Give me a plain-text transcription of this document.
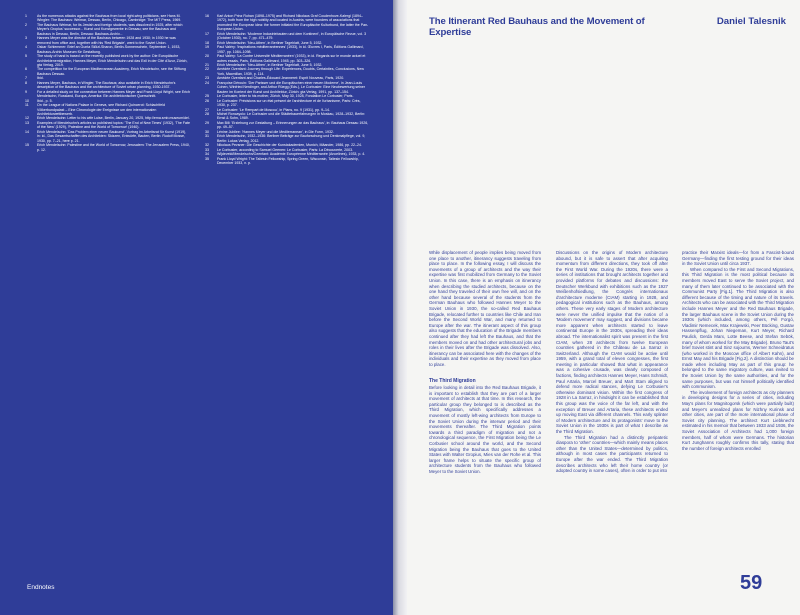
1	As the numerous attacks against the Bauhaus from local right-wing politicians, see Hans M. Wingler: The Bauhaus: Weimar, Dessau, Berlin, Chicago, Cambridge: The MIT Press, 1969.
2	The Bauhaus Weimar, for its Jewish and foreign students, was dissolved in 1925, after which Meyer's Gropius' successor... Kunst und Kunstgewerbe in Dessau; see the Bauhaus and Bauhaus in Dessau, Berlin, Dessau: Bauhaus-Archiv...
3	Hannes Meyer was the director of the Bauhaus between 1928 and 1930; in 1930 he was removed from office and, together with his 'Red Brigade', went to the Soviet Union.
4	Oskar Schlemmer: Brief an Gunta Stölzl-Sharon, Berlin-Sonnenschein, September 1, 1933, Bauhaus-Archiv Museum für Gestaltung.
5	The study of hand is based on the recently published work by the author: Die Europäische Architektenemigration, Hannes Meyer, Erich Mendelsohn und das Exil in der Cité d'Azur, Zürich, gta Verlag, 2019.
6	The competition for the European Mediterranean Academy, Erich Mendelsohn, see the Stiftung Bauhaus Dessau.
7	Ibid.
8	Hannes Meyer, Bauhaus, in Wingler, The Bauhaus; also available in Erich Mendelsohn's description of the Bauhaus and the architecture of Soviet urban planning, 1930-1937.
9	For a detailed study on the connection between Hannes Meyer and Frank Lloyd Wright, see Erich Mendelsohn, Russland, Europa, Amerika: Ein architektonischer Querschnitt.
10	Ibid., p. 5.
11	On the League of Nations Palace in Geneva, see Richard Quincerot: Schlachtfeld Völkerbundpalast – Eine Chronologie der Ereignisse um den internationalen Architekturwettbewerb.
12	Erich Mendelsohn: Letter to his wife Luise, Berlin, January 20, 1925, http://ema.smb.museum/de/.
13	Examples of Mendelsohn's articles so published topics: 'The End of New Times' (1932), 'The Fate of the New' (1929), 'Palestine and the World of Tomorrow' (1940).
14	Erich Mendelsohn: 'Das Problem einer neuen Baukunst', Vortrag im Arbeitsrat für Kunst (1919), in: id., Das Gesamtschaffen des Architekten: Skizzen, Entwürfe, Bauten, Berlin: Rudolf Mosse, 1930, pp. 7–21, here p. 21.
15	Erich Mendelsohn: Palestine and the World of Tomorrow, Jerusalem: The Jerusalem Press, 1940, p. 12.
16	Karl Anton Prinz Rohan (1898–1975) and Richard Nikolaus Graf Coudenhove-Kalergi (1894–1972), both from the high nobility and located in Austria, were founders of associations that promoted the European idea: the former initiated the Europäische Kulturbund, the latter the Pan-European Union.
17	Erich Mendelsohn: 'Moderne Industriebauten und dem Kontinent', in Europäische Revue, vol. 3 (October 1930), no. 7, pp. 471–479.
18	Erich Mendelsohn: 'Neu-Athen', in Berliner Tageblatt, June 5, 1932.
19	Paul Valéry: 'Inspirations méditerranéennes' (1933), in id. Œuvres I, Paris, Éditions Gallimard, 1957, pp. 1084–1098.
20	Paul Valéry: 'La Contre Université Méditerranéen' (1933), in id. Regards sur le monde actuel et autres essais, Paris, Éditions Gallimard, 1945, pp. 303–326.
21	Erich Mendelsohn: 'Neu-Athen', in Berliner Tageblatt, June 5, 1932.
22	Amédée Ozenfant: Journey through Life: Experiences, Doubts, Certainties, Conclusions, New York, Macmillan, 1939, p. 114.
23	Amédée Ozenfant and Charles-Édouard Jeanneret: Esprit Nouveau, Paris, 1920.
24	Françoise Dérouin: 'Der Parisser und die Europäischen einer neuen Moderne', in Jean-Louis Cohen, Winfried Nerdinger, and Arthur Rüegg (Eds.), Le Corbusier: Eine Neubewertung seiner Bauten im Kontext der Kunst und Architektur, Zürich: gta Verlag, 1991, pp. 137–154.
25	Le Corbusier, letter to his mother, Zürich, May 30, 1928, Fondation Le Corbusier, Paris.
26	Le Corbusier: Précisions sur un état présent de l'architecture et de l'urbanisme, Paris: Crès, 1930, p. 237.
27	Le Corbusier: 'Le Rempart de Moscou', in Plans, no. 9 (1931), pp. 9–14.
28	Michel Roncayolo: Le Corbusier und die Städtebauerfahrungen in Moskau, 1928–1932, Berlin: Ernst & Sohn, 1989.
29	Max Bill: 'Erziehung zur Gestaltung – Erinnerungen an das Bauhaus', in: Bauhaus Dessau 1926, pp. 49–57.
30	Lénine Jubilee: 'Hannes Meyer und die Mediterranean', in Die Form, 1932.
31	Erich Mendelsohn, 1932–1936: Berliner Beiträge zur Bauforschung und Denkmalpflege, vol. 9, Berlin: Lukas Verlag, 2012.
32	Nikolaus Pevsner: Die Geschichte der Kunstakademien, Munich, Mäander, 1986, pp. 22–24.
33	Le Corbusier, according to Samuel Geenen: Le Corbusier, Paris: La Découverte, 2003.
34	Wijdeveld/Mendelsohn/Ozenfant: Académie Européenne Méditerranée (Ancelines), 1933, p. 4.
35	Frank Lloyd Wright: The Taliesin Fellowship, Spring Green, Wisconsin, Taliesin Fellowship, December 1933, n. p.
Endnotes
The Itinerant Red Bauhaus and the Movement of Expertise
Daniel Talesnik

While displacement of people implies being moved from one place to another, itinerancy suggests traveling from place to place. In the following essay, I will discuss the movements of a group of architects and the way their expertise was first mobilized from Germany to the Soviet Union. In this case, there is an emphasis on itinerancy when describing the studied architects, because on the one hand they traveled of their own free will, and on the other hand because several of the students from the German Bauhaus who followed Hannes Meyer to the Soviet Union in 1930, the so-called Red Bauhaus Brigade, relocated further to countries like Chile and Iran before the Second World War, and many returned to Europe after the war. The itinerant aspect of this group also suggests that the education of the Brigade members continued after they had left the Bauhaus, and that the members moved on and had other architectural jobs and roles in their lives after the Brigade was dissolved. Also, itinerancy can be associated here with the changes of the individuals and their expertise as they moved from place to place.

The Third Migration

Before looking in detail into the Red Bauhaus Brigade, it is important to establish that they are part of a larger movement of architects at that time. In this research, the particular group they belonged to is described as the Third Migration, which specifically addresses a movement of mostly left-wing architects from Europe to the Soviet Union during the interwar period and their movements thereafter. The Third Migration points towards a third paradigm of migration and not a chronological sequence, the First Migration being the Le Corbusier school around the world, and the Second Migration being the Bauhaus that goes to the United States with Walter Gropius, Mies van der Rohe et al. This larger frame helps to situate the specific group of architecture students from the Bauhaus who followed Meyer to the Soviet Union.

Discussions on the origins of Modern architecture abound, but it is safe to assert that after acquiring momentum from different directions, they took off after the First World War. During the 1920s, there were a series of institutions that brought architects together and provided platforms for debates and discussions: the Deutscher Werkbund with exhibitions such as the 1927 Weißenhofsiedlung, the Congrès internationaux d'architecture moderne (CIAM) starting in 1928, and pedagogical institutions such as the Bauhaus, among others. These very early stages of Modern architecture were never the unified impulse that the notion of a 'Modern movement' may suggest, and divisions became more apparent when architects started to leave continental Europe in the 1930s, spreading their ideas abroad. The internationalist spirit was present in the first CIAM, when 28 architects from twelve European countries gathered in the Château de La Sarraz in Switzerland. Although the CIAM would be active until 1959, with a grand total of eleven congresses, the first meeting in particular showed that what in appearance was a cohesive crusade, was clearly composed of factions, finding architects Hannes Meyer, Hans Schmidt, Paul Artaria, Marcel Breuer, and Mart Stam aligned to defend more radical stances, defying Le Corbusier's otherwise dominant vision. Within the first congress of 1928 in La Sarraz, in hindsight it can be established that this group was the voice of the far left, and with the exception of Breuer and Artaria, these architects ended up moving East via different channels. This early splinter of Modern architecture and its protagonists' move to the Soviet Union in the 1930s is part of what I describe as the Third Migration.

The Third Migration had a distinctly peripatetic diaspora to 'other' countries—which mainly means places other than the United States—determined by politics, although in most cases the participants returned to Europe after the war ended. The Third Migration describes architects who left their home country (or adopted country in some cases), often in order to put into

practice their Marxist ideals—for from a Fascist-bound Germany—finding the first testing ground for their ideas in the Soviet Union until circa 1937.

When compared to the First and Second Migrations, this Third Migration is the most political because its members moved East to serve the Soviet project, and many of them later continued to be associated with the Communist Party [Fig.1]. The Third Migration is also different because of the timing and nature of its travels. Architects who can be associated with the Third Migration include Hannes Meyer and the Red Bauhaus Brigade, the larger Bauhaus scene in the Soviet Union during the 1930s (which included, among others, Pél Forgó, Vladimir Nemecek, Max Krajewski, Peer Bücking, Gustav Hassenpflug, Johan Niegeman, Kurt Meyer, Richard Paulick, Gerda Marx, Lotte Beese, and Stefan Sebök, many of whom worked for the May Brigade). Bruno Taut's brief Soviet stint and Sinz sojourns, Werner Schneidratus (who worked in the Moscow office of Albert Kahn), and Ernst May and his Brigade [Fig.2]. A distinction should be made when including May as part of this group: he belonged to the same migratory culture, was invited to the Soviet Union by the same authorities, and for the same purposes, but was not himself politically identified with communism.

The involvement of foreign architects as city planners in developing designs for a series of cities, including May's plans for Magnitogorsk (which were partially built) and Meyer's unrealized plans for Nizhny Kurinsk and other cities, are part of the more international phase of Soviet city planning. The architect Kurt Liebknecht estimated in his memoir that between 1933 and 1936, the Soviet Association of Architects had 1,000 foreign members, half of whom were Germans. The historian Kurt Junghanns roughly confirms this tally, stating that the number of foreign architects enrolled

59
